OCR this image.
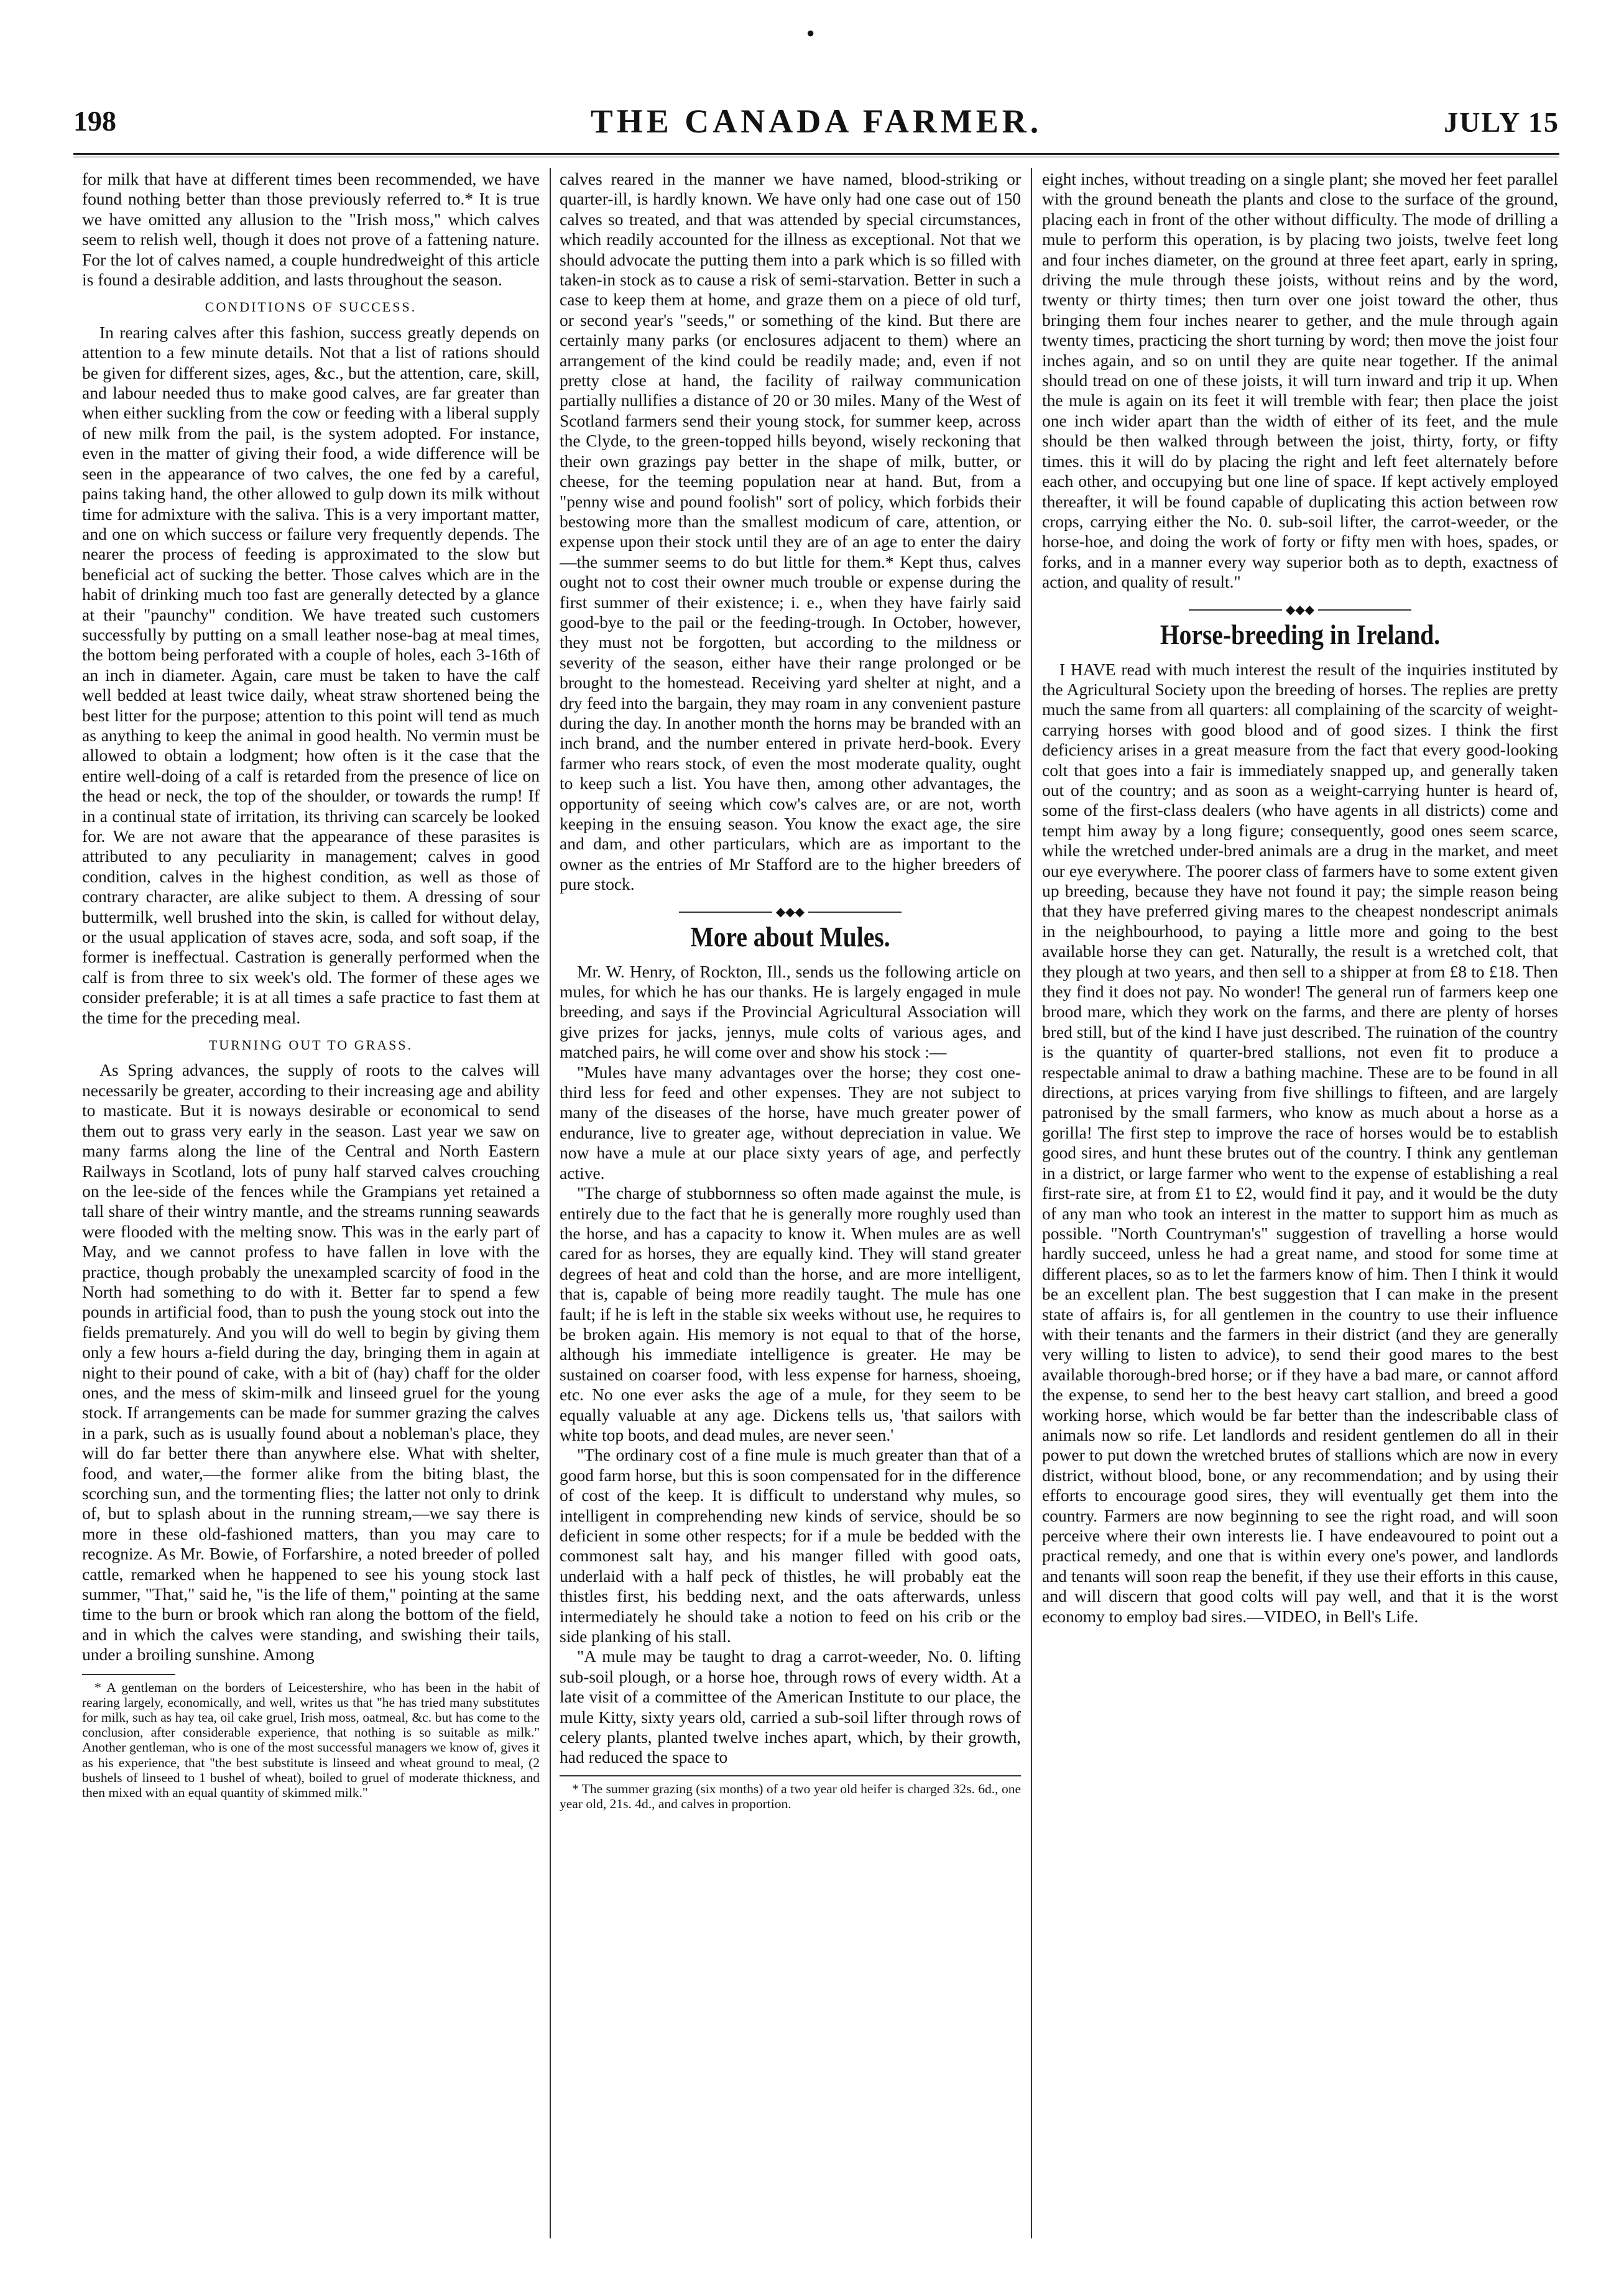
●
198	THE CANADA FARMER.	JULY 15

for milk that have at different times been recommended, we have found nothing better than those previously referred to.* It is true we have omitted any allusion to the "Irish moss," which calves seem to relish well, though it does not prove of a fattening nature. For the lot of calves named, a couple hundredweight of this article is found a desirable addition, and lasts throughout the season.

CONDITIONS OF SUCCESS.

In rearing calves after this fashion, success greatly depends on attention to a few minute details. Not that a list of rations should be given for different sizes, ages, &c., but the attention, care, skill, and labour needed thus to make good calves, are far greater than when either suckling from the cow or feeding with a liberal supply of new milk from the pail, is the system adopted. For instance, even in the matter of giving their food, a wide difference will be seen in the appearance of two calves, the one fed by a careful, pains taking hand, the other allowed to gulp down its milk without time for admixture with the saliva. This is a very important matter, and one on which success or failure very frequently depends. The nearer the process of feeding is approximated to the slow but beneficial act of sucking the better. Those calves which are in the habit of drinking much too fast are generally detected by a glance at their "paunchy" condition. We have treated such customers successfully by putting on a small leather nose-bag at meal times, the bottom being perforated with a couple of holes, each 3-16th of an inch in diameter. Again, care must be taken to have the calf well bedded at least twice daily, wheat straw shortened being the best litter for the purpose; attention to this point will tend as much as anything to keep the animal in good health. No vermin must be allowed to obtain a lodgment; how often is it the case that the entire well-doing of a calf is retarded from the presence of lice on the head or neck, the top of the shoulder, or towards the rump! If in a continual state of irritation, its thriving can scarcely be looked for. We are not aware that the appearance of these parasites is attributed to any peculiarity in management; calves in good condition, calves in the highest condition, as well as those of contrary character, are alike subject to them. A dressing of sour buttermilk, well brushed into the skin, is called for without delay, or the usual application of staves acre, soda, and soft soap, if the former is ineffectual. Castration is generally performed when the calf is from three to six week's old. The former of these ages we consider preferable; it is at all times a safe practice to fast them at the time for the preceding meal.

TURNING OUT TO GRASS.

As Spring advances, the supply of roots to the calves will necessarily be greater, according to their increasing age and ability to masticate. But it is noways desirable or economical to send them out to grass very early in the season. Last year we saw on many farms along the line of the Central and North Eastern Railways in Scotland, lots of puny half starved calves crouching on the lee-side of the fences while the Grampians yet retained a tall share of their wintry mantle, and the streams running seawards were flooded with the melting snow. This was in the early part of May, and we cannot profess to have fallen in love with the practice, though probably the unexampled scarcity of food in the North had something to do with it. Better far to spend a few pounds in artificial food, than to push the young stock out into the fields prematurely. And you will do well to begin by giving them only a few hours a-field during the day, bringing them in again at night to their pound of cake, with a bit of (hay) chaff for the older ones, and the mess of skim-milk and linseed gruel for the young stock. If arrangements can be made for summer grazing the calves in a park, such as is usually found about a nobleman's place, they will do far better there than anywhere else. What with shelter, food, and water,—the former alike from the biting blast, the scorching sun, and the tormenting flies; the latter not only to drink of, but to splash about in the running stream,—we say there is more in these old-fashioned matters, than you may care to recognize. As Mr. Bowie, of Forfarshire, a noted breeder of polled cattle, remarked when he happened to see his young stock last summer, "That," said he, "is the life of them," pointing at the same time to the burn or brook which ran along the bottom of the field, and in which the calves were standing, and swishing their tails, under a broiling sunshine. Among

* A gentleman on the borders of Leicestershire, who has been in the habit of rearing largely, economically, and well, writes us that "he has tried many substitutes for milk, such as hay tea, oil cake gruel, Irish moss, oatmeal, &c. but has come to the conclusion, after considerable experience, that nothing is so suitable as milk." Another gentleman, who is one of the most successful managers we know of, gives it as his experience, that "the best substitute is linseed and wheat ground to meal, (2 bushels of linseed to 1 bushel of wheat), boiled to gruel of moderate thickness, and then mixed with an equal quantity of skimmed milk."

calves reared in the manner we have named, blood-striking or quarter-ill, is hardly known. We have only had one case out of 150 calves so treated, and that was attended by special circumstances, which readily accounted for the illness as exceptional. Not that we should advocate the putting them into a park which is so filled with taken-in stock as to cause a risk of semi-starvation. Better in such a case to keep them at home, and graze them on a piece of old turf, or second year's "seeds," or something of the kind. But there are certainly many parks (or enclosures adjacent to them) where an arrangement of the kind could be readily made; and, even if not pretty close at hand, the facility of railway communication partially nullifies a distance of 20 or 30 miles. Many of the West of Scotland farmers send their young stock, for summer keep, across the Clyde, to the green-topped hills beyond, wisely reckoning that their own grazings pay better in the shape of milk, butter, or cheese, for the teeming population near at hand. But, from a "penny wise and pound foolish" sort of policy, which forbids their bestowing more than the smallest modicum of care, attention, or expense upon their stock until they are of an age to enter the dairy —the summer seems to do but little for them.* Kept thus, calves ought not to cost their owner much trouble or expense during the first summer of their existence; i. e., when they have fairly said good-bye to the pail or the feeding-trough. In October, however, they must not be forgotten, but according to the mildness or severity of the season, either have their range prolonged or be brought to the homestead. Receiving yard shelter at night, and a dry feed into the bargain, they may roam in any convenient pasture during the day. In another month the horns may be branded with an inch brand, and the number entered in private herd-book. Every farmer who rears stock, of even the most moderate quality, ought to keep such a list. You have then, among other advantages, the opportunity of seeing which cow's calves are, or are not, worth keeping in the ensuing season. You know the exact age, the sire and dam, and other particulars, which are as important to the owner as the entries of Mr Stafford are to the higher breeders of pure stock.

◆◆◆
More about Mules.

Mr. W. Henry, of Rockton, Ill., sends us the following article on mules, for which he has our thanks. He is largely engaged in mule breeding, and says if the Provincial Agricultural Association will give prizes for jacks, jennys, mule colts of various ages, and matched pairs, he will come over and show his stock :—

"Mules have many advantages over the horse; they cost one-third less for feed and other expenses. They are not subject to many of the diseases of the horse, have much greater power of endurance, live to greater age, without depreciation in value. We now have a mule at our place sixty years of age, and perfectly active.

"The charge of stubbornness so often made against the mule, is entirely due to the fact that he is generally more roughly used than the horse, and has a capacity to know it. When mules are as well cared for as horses, they are equally kind. They will stand greater degrees of heat and cold than the horse, and are more intelligent, that is, capable of being more readily taught. The mule has one fault; if he is left in the stable six weeks without use, he requires to be broken again. His memory is not equal to that of the horse, although his immediate intelligence is greater. He may be sustained on coarser food, with less expense for harness, shoeing, etc. No one ever asks the age of a mule, for they seem to be equally valuable at any age. Dickens tells us, 'that sailors with white top boots, and dead mules, are never seen.'

"The ordinary cost of a fine mule is much greater than that of a good farm horse, but this is soon compensated for in the difference of cost of the keep. It is difficult to understand why mules, so intelligent in comprehending new kinds of service, should be so deficient in some other respects; for if a mule be bedded with the commonest salt hay, and his manger filled with good oats, underlaid with a half peck of thistles, he will probably eat the thistles first, his bedding next, and the oats afterwards, unless intermediately he should take a notion to feed on his crib or the side planking of his stall.

"A mule may be taught to drag a carrot-weeder, No. 0. lifting sub-soil plough, or a horse hoe, through rows of every width. At a late visit of a committee of the American Institute to our place, the mule Kitty, sixty years old, carried a sub-soil lifter through rows of celery plants, planted twelve inches apart, which, by their growth, had reduced the space to

* The summer grazing (six months) of a two year old heifer is charged 32s. 6d., one year old, 21s. 4d., and calves in proportion.

eight inches, without treading on a single plant; she moved her feet parallel with the ground beneath the plants and close to the surface of the ground, placing each in front of the other without difficulty. The mode of drilling a mule to perform this operation, is by placing two joists, twelve feet long and four inches diameter, on the ground at three feet apart, early in spring, driving the mule through these joists, without reins and by the word, twenty or thirty times; then turn over one joist toward the other, thus bringing them four inches nearer to gether, and the mule through again twenty times, practicing the short turning by word; then move the joist four inches again, and so on until they are quite near together. If the animal should tread on one of these joists, it will turn inward and trip it up. When the mule is again on its feet it will tremble with fear; then place the joist one inch wider apart than the width of either of its feet, and the mule should be then walked through between the joist, thirty, forty, or fifty times. this it will do by placing the right and left feet alternately before each other, and occupying but one line of space. If kept actively employed thereafter, it will be found capable of duplicating this action between row crops, carrying either the No. 0. sub-soil lifter, the carrot-weeder, or the horse-hoe, and doing the work of forty or fifty men with hoes, spades, or forks, and in a manner every way superior both as to depth, exactness of action, and quality of result."

◆◆◆
Horse-breeding in Ireland.

I HAVE read with much interest the result of the inquiries instituted by the Agricultural Society upon the breeding of horses. The replies are pretty much the same from all quarters: all complaining of the scarcity of weight-carrying horses with good blood and of good sizes. I think the first deficiency arises in a great measure from the fact that every good-looking colt that goes into a fair is immediately snapped up, and generally taken out of the country; and as soon as a weight-carrying hunter is heard of, some of the first-class dealers (who have agents in all districts) come and tempt him away by a long figure; consequently, good ones seem scarce, while the wretched under-bred animals are a drug in the market, and meet our eye everywhere. The poorer class of farmers have to some extent given up breeding, because they have not found it pay; the simple reason being that they have preferred giving mares to the cheapest nondescript animals in the neighbourhood, to paying a little more and going to the best available horse they can get. Naturally, the result is a wretched colt, that they plough at two years, and then sell to a shipper at from £8 to £18. Then they find it does not pay. No wonder! The general run of farmers keep one brood mare, which they work on the farms, and there are plenty of horses bred still, but of the kind I have just described. The ruination of the country is the quantity of quarter-bred stallions, not even fit to produce a respectable animal to draw a bathing machine. These are to be found in all directions, at prices varying from five shillings to fifteen, and are largely patronised by the small farmers, who know as much about a horse as a gorilla! The first step to improve the race of horses would be to establish good sires, and hunt these brutes out of the country. I think any gentleman in a district, or large farmer who went to the expense of establishing a real first-rate sire, at from £1 to £2, would find it pay, and it would be the duty of any man who took an interest in the matter to support him as much as possible. "North Countryman's" suggestion of travelling a horse would hardly succeed, unless he had a great name, and stood for some time at different places, so as to let the farmers know of him. Then I think it would be an excellent plan. The best suggestion that I can make in the present state of affairs is, for all gentlemen in the country to use their influence with their tenants and the farmers in their district (and they are generally very willing to listen to advice), to send their good mares to the best available thorough-bred horse; or if they have a bad mare, or cannot afford the expense, to send her to the best heavy cart stallion, and breed a good working horse, which would be far better than the indescribable class of animals now so rife. Let landlords and resident gentlemen do all in their power to put down the wretched brutes of stallions which are now in every district, without blood, bone, or any recommendation; and by using their efforts to encourage good sires, they will eventually get them into the country. Farmers are now beginning to see the right road, and will soon perceive where their own interests lie. I have endeavoured to point out a practical remedy, and one that is within every one's power, and landlords and tenants will soon reap the benefit, if they use their efforts in this cause, and will discern that good colts will pay well, and that it is the worst economy to employ bad sires.—VIDEO, in Bell's Life.
